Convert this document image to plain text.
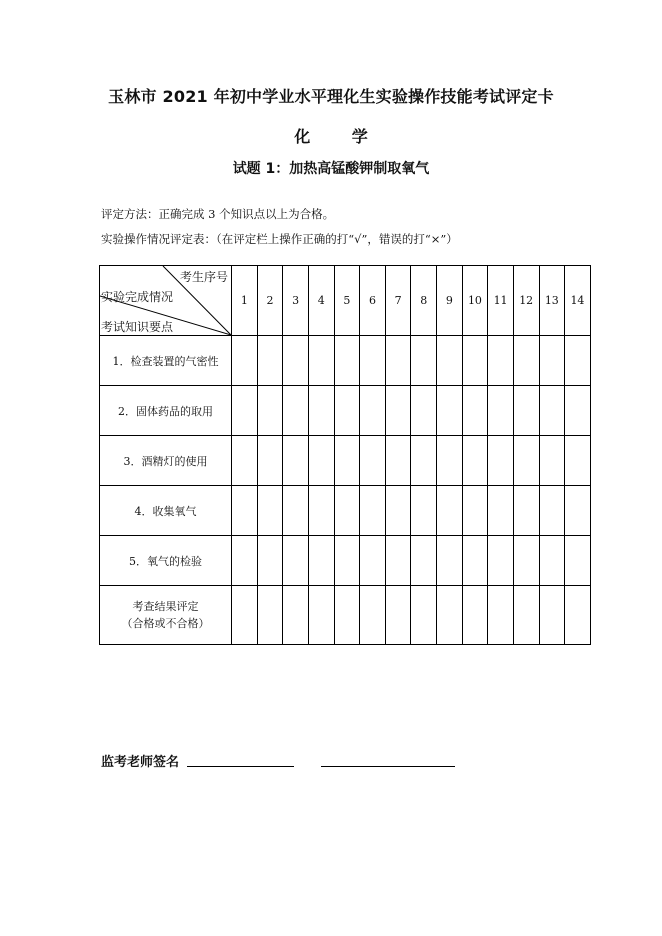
玉林市 2021 年初中学业水平理化生实验操作技能考试评定卡
化 学
试题 1：加热高锰酸钾制取氧气
评定方法：正确完成 3 个知识点以上为合格。
实验操作情况评定表：（在评定栏上操作正确的打“√”，错误的打“×”）
考生序号
实验完成情况
考试知识要点	1	2	3	4	5	6	7	8	9	10	11	12	13	14
1．检查装置的气密性														
2．固体药品的取用														
3．酒精灯的使用														
4．收集氧气														
5．氧气的检验														

考查结果评定
（合格或不合格）														

监考老师签名
